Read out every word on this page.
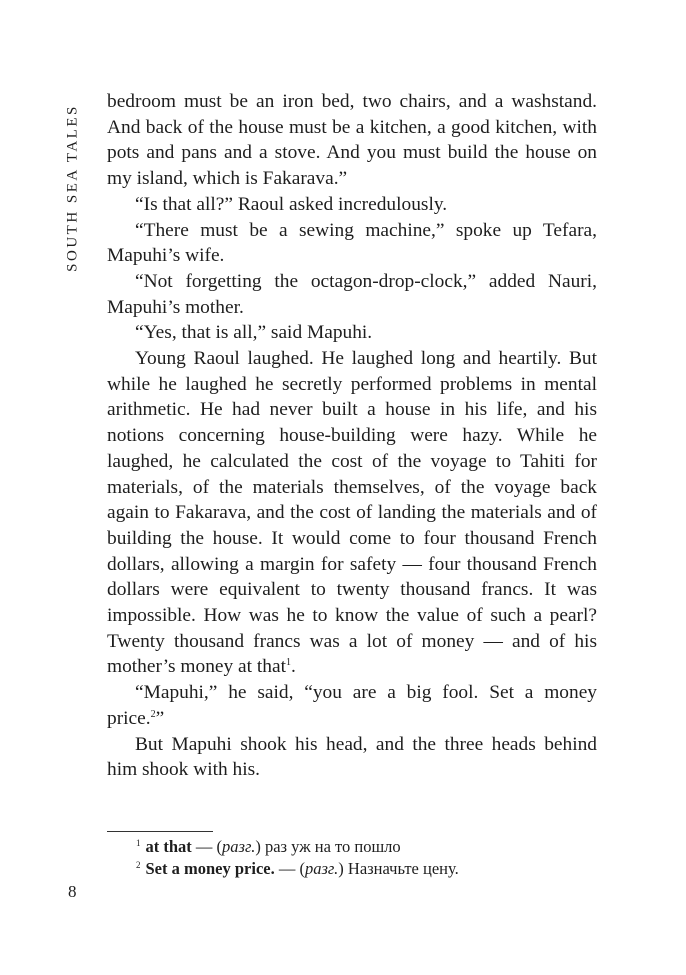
SOUTH SEA TALES

bedroom must be an iron bed, two chairs, and a washstand. And back of the house must be a kitchen, a good kitchen, with pots and pans and a stove. And you must build the house on my island, which is Fakarava.”

“Is that all?” Raoul asked incredulously.

“There must be a sewing machine,” spoke up Tefara, Mapuhi’s wife.

“Not forgetting the octagon-drop-clock,” added Nauri, Mapuhi’s mother.

“Yes, that is all,” said Mapuhi.

Young Raoul laughed. He laughed long and heartily. But while he laughed he secretly performed problems in mental arithmetic. He had never built a house in his life, and his notions concerning house-building were hazy. While he laughed, he calculated the cost of the voyage to Tahiti for materials, of the materials themselves, of the voyage back again to Fakarava, and the cost of landing the materials and of building the house. It would come to four thousand French dollars, allowing a margin for safety — four thousand French dollars were equivalent to twenty thousand francs. It was impossible. How was he to know the value of such a pearl? Twenty thousand francs was a lot of money — and of his mother’s money at that$^1$.

“Mapuhi,” he said, “you are a big fool. Set a money price.$^2$”

But Mapuhi shook his head, and the three heads behind him shook with his.

$^1$ at that — (разг.) раз уж на то пошло
$^2$ Set a money price. — (разг.) Назначьте цену.
8
